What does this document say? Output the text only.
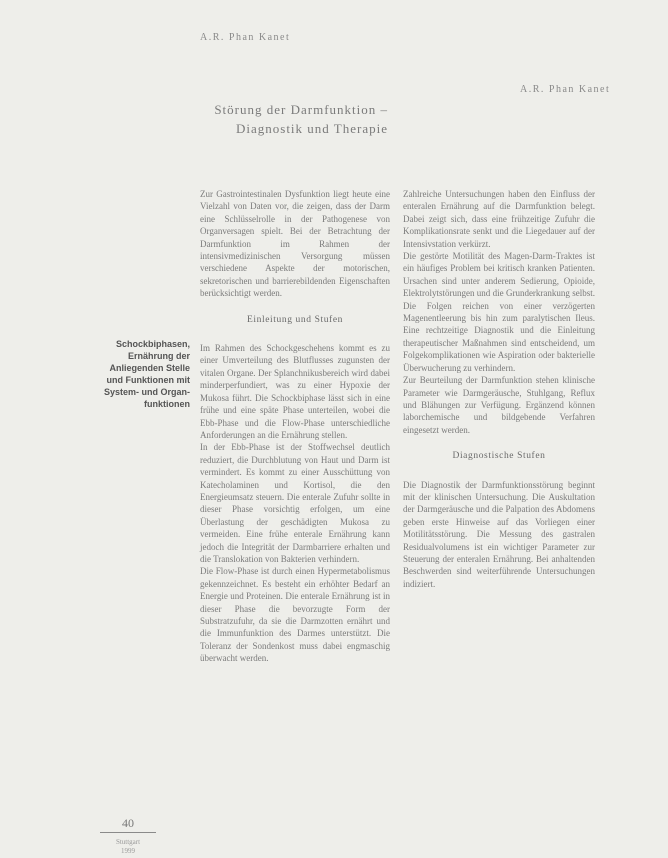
A.R. Phan Kanet
A.R. Phan Kanet
Störung der Darmfunktion –
Diagnostik und Therapie
Schockbiphasen, Ernährung der Anliegenden Stelle und Funktionen mit System- und Organfunktionen

Zur Gastrointestinalen Dysfunktion liegt heute eine Vielzahl von Daten vor, die zeigen, dass der Darm eine Schlüsselrolle in der Pathogenese von Organversagen spielt. Bei der Betrachtung der Darmfunktion im Rahmen der intensivmedizinischen Versorgung müssen verschiedene Aspekte der motorischen, sekretorischen und barrierebildenden Eigenschaften berücksichtigt werden.

Einleitung und Stufen

Im Rahmen des Schockgeschehens kommt es zu einer Umverteilung des Blutflusses zugunsten der vitalen Organe. Der Splanchnikusbereich wird dabei minderperfundiert, was zu einer Hypoxie der Mukosa führt. Die Schockbiphase lässt sich in eine frühe und eine späte Phase unterteilen, wobei die Ebb-Phase und die Flow-Phase unterschiedliche Anforderungen an die Ernährung stellen.

In der Ebb-Phase ist der Stoffwechsel deutlich reduziert, die Durchblutung von Haut und Darm ist vermindert. Es kommt zu einer Ausschüttung von Katecholaminen und Kortisol, die den Energieumsatz steuern. Die enterale Zufuhr sollte in dieser Phase vorsichtig erfolgen, um eine Überlastung der geschädigten Mukosa zu vermeiden. Eine frühe enterale Ernährung kann jedoch die Integrität der Darmbarriere erhalten und die Translokation von Bakterien verhindern.

Die Flow-Phase ist durch einen Hypermetabolismus gekennzeichnet. Es besteht ein erhöhter Bedarf an Energie und Proteinen. Die enterale Ernährung ist in dieser Phase die bevorzugte Form der Substratzufuhr, da sie die Darmzotten ernährt und die Immunfunktion des Darmes unterstützt. Die Toleranz der Sondenkost muss dabei engmaschig überwacht werden.

Zahlreiche Untersuchungen haben den Einfluss der enteralen Ernährung auf die Darmfunktion belegt. Dabei zeigt sich, dass eine frühzeitige Zufuhr die Komplikationsrate senkt und die Liegedauer auf der Intensivstation verkürzt.

Die gestörte Motilität des Magen-Darm-Traktes ist ein häufiges Problem bei kritisch kranken Patienten. Ursachen sind unter anderem Sedierung, Opioide, Elektrolytstörungen und die Grunderkrankung selbst. Die Folgen reichen von einer verzögerten Magenentleerung bis hin zum paralytischen Ileus. Eine rechtzeitige Diagnostik und die Einleitung therapeutischer Maßnahmen sind entscheidend, um Folgekomplikationen wie Aspiration oder bakterielle Überwucherung zu verhindern.

Zur Beurteilung der Darmfunktion stehen klinische Parameter wie Darmgeräusche, Stuhlgang, Reflux und Blähungen zur Verfügung. Ergänzend können laborchemische und bildgebende Verfahren eingesetzt werden.

Diagnostische Stufen

Die Diagnostik der Darmfunktionsstörung beginnt mit der klinischen Untersuchung. Die Auskultation der Darmgeräusche und die Palpation des Abdomens geben erste Hinweise auf das Vorliegen einer Motilitätsstörung. Die Messung des gastralen Residualvolumens ist ein wichtiger Parameter zur Steuerung der enteralen Ernährung. Bei anhaltenden Beschwerden sind weiterführende Untersuchungen indiziert.

40
Stuttgart
1999
